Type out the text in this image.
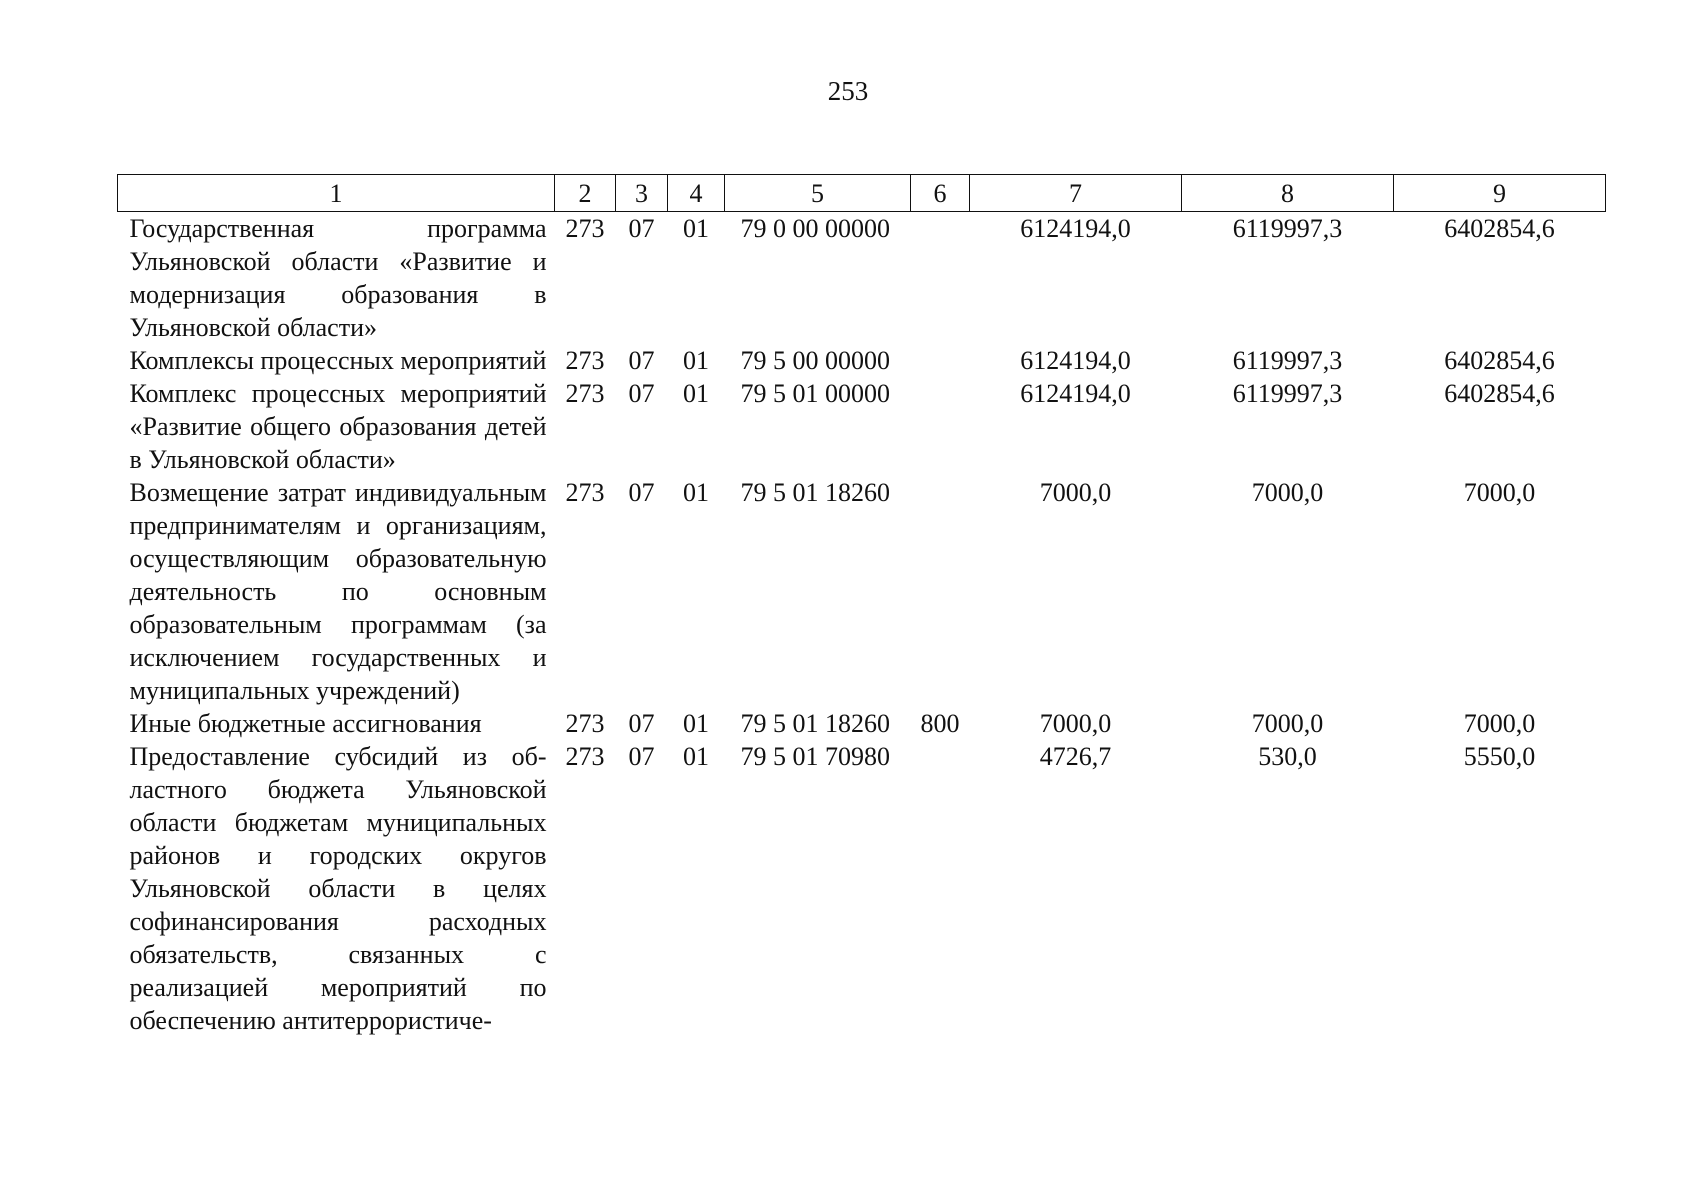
253
1	2	3	4	5	6	7	8	9
Государственная программа Ульяновской области «Развитие и модернизация образования в Ульяновской области»	273	07	01	79 0 00 00000		6124194,0	6119997,3	6402854,6
Комплексы процессных мероприятий	273	07	01	79 5 00 00000		6124194,0	6119997,3	6402854,6
Комплекс процессных мероприятий «Развитие общего образования детей в Ульяновской области»	273	07	01	79 5 01 00000		6124194,0	6119997,3	6402854,6
Возмещение затрат индивидуальным предпринимателям и организациям, осуществляющим образовательную деятельность по основным образовательным программам (за исключением государственных и муниципальных учреждений)	273	07	01	79 5 01 18260		7000,0	7000,0	7000,0
Иные бюджетные ассигнования	273	07	01	79 5 01 18260	800	7000,0	7000,0	7000,0
Предоставление субсидий из областного бюджета Ульяновской области бюджетам муниципальных районов и городских округов Ульяновской области в целях софинансирования расходных обязательств, связанных с реализацией мероприятий по обеспечению антитеррористиче-	273	07	01	79 5 01 70980		4726,7	530,0	5550,0
